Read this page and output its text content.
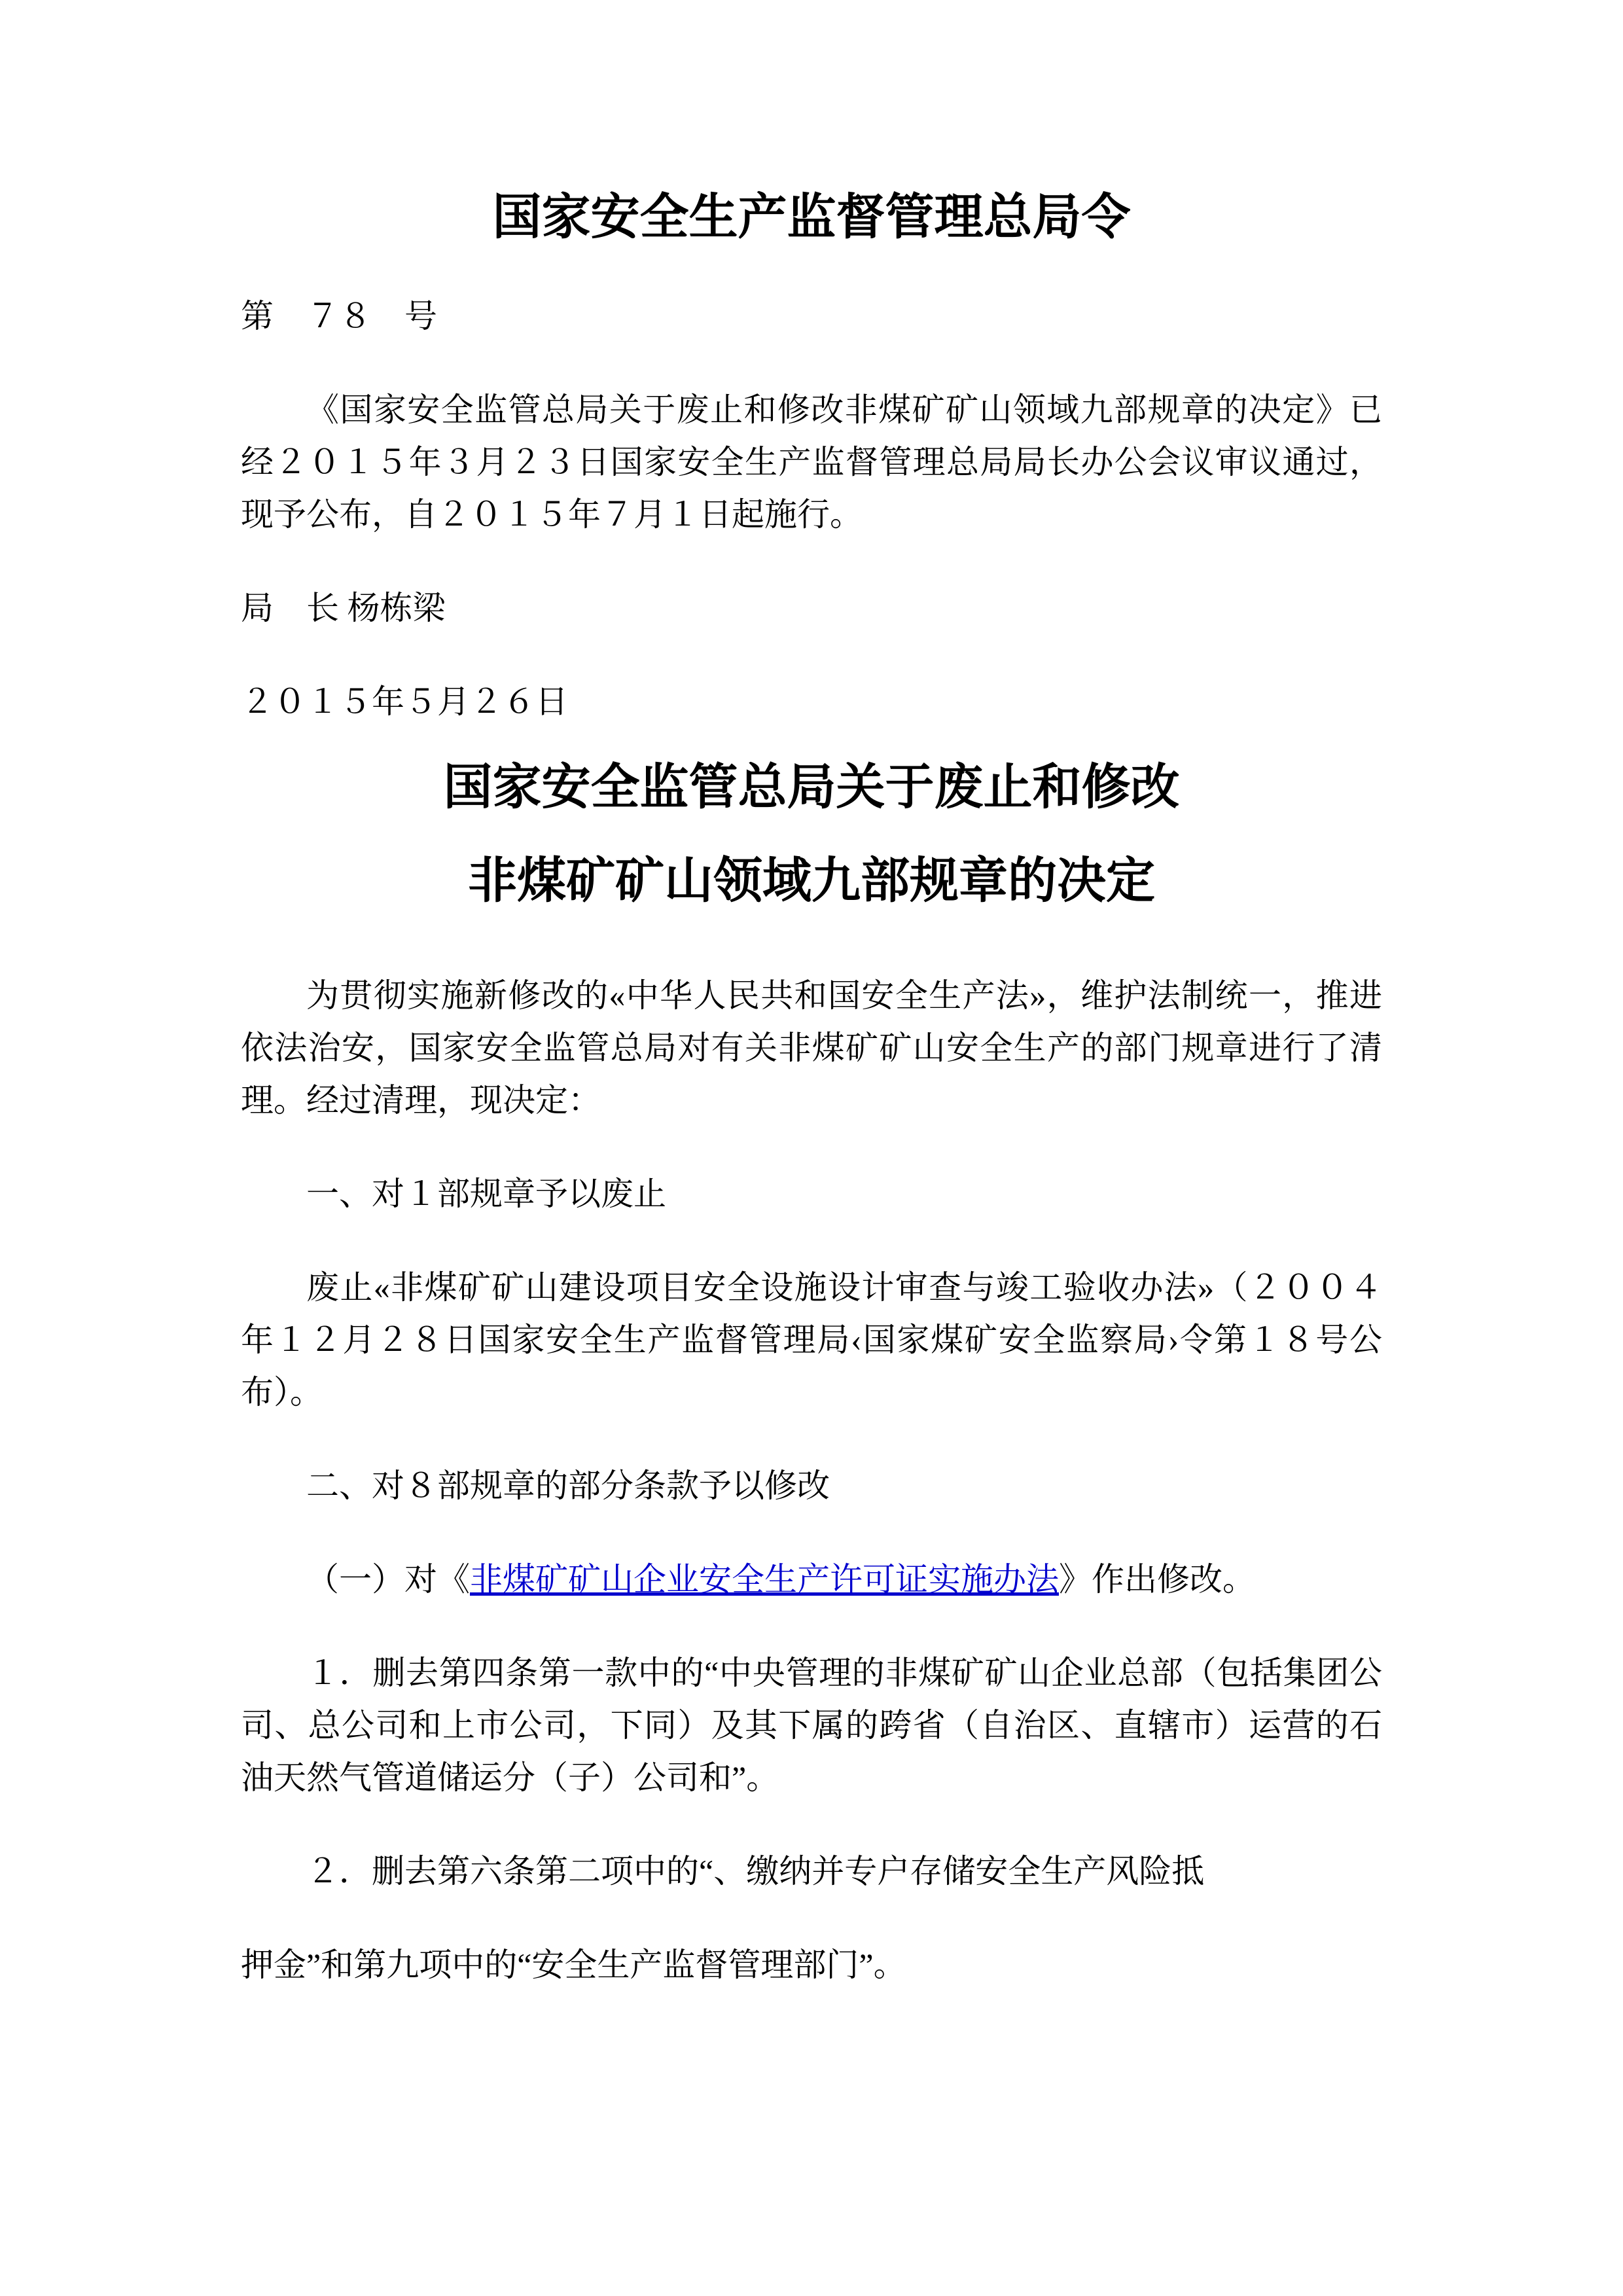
国家安全生产监督管理总局令

第　７８　号

《国家安全监管总局关于废止和修改非煤矿矿山领域九部规章的决定》已经２０１５年３月２３日国家安全生产监督管理总局局长办公会议审议通过，现予公布，自２０１５年７月１日起施行。

局　长 杨栋梁

２０１５年５月２６日

国家安全监管总局关于废止和修改
非煤矿矿山领域九部规章的决定

为贯彻实施新修改的«中华人民共和国安全生产法»，维护法制统一，推进依法治安，国家安全监管总局对有关非煤矿矿山安全生产的部门规章进行了清理。经过清理，现决定：

一、对１部规章予以废止

废止«非煤矿矿山建设项目安全设施设计审查与竣工验收办法»（２００４年１２月２８日国家安全生产监督管理局‹国家煤矿安全监察局›令第１８号公布）。

二、对８部规章的部分条款予以修改

（一）对《非煤矿矿山企业安全生产许可证实施办法》作出修改。

１．删去第四条第一款中的“中央管理的非煤矿矿山企业总部（包括集团公司、总公司和上市公司，下同）及其下属的跨省（自治区、直辖市）运营的石油天然气管道储运分（子）公司和”。

２．删去第六条第二项中的“、缴纳并专户存储安全生产风险抵

押金”和第九项中的“安全生产监督管理部门”。
